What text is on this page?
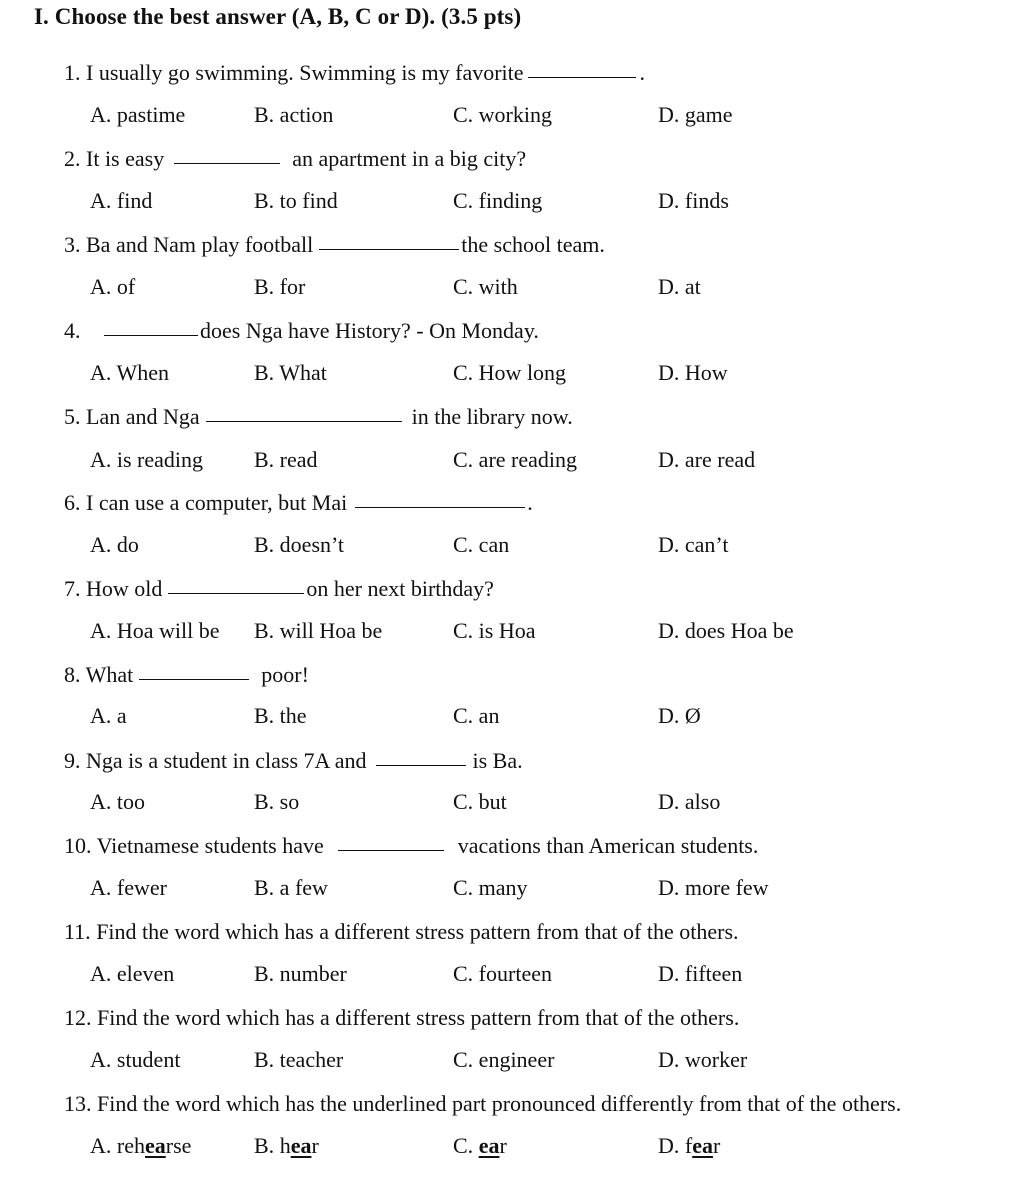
I. Choose the best answer (A, B, C or D). (3.5 pts)
1. I usually go swimming. Swimming is my favorite	.
A. pastime	B. action	C. working	D. game
2. It is easy	an apartment in a big city?
A. find	B. to find	C. finding	D. finds
3. Ba and Nam play football	the school team.
A. of	B. for	C. with	D. at
4.	does Nga have History? - On Monday.
A. When	B. What	C. How long	D. How
5. Lan and Nga	in the library now.
A. is reading B. read	C. are reading	D. are read
6. I can use a computer, but Mai	.
A. do	B. doesn’t	C. can	D. can’t
7. How old	on her next birthday?
A. Hoa will be B. will Hoa be	C. is Hoa	D. does Hoa be
8. What	poor!
A. a	B. the	C. an	D. Ø
9. Nga is a student in class 7A and	is Ba.
A. too	B. so	C. but	D. also
10. Vietnamese students have	vacations than American students.
A. fewer	B. a few	C. many	D. more few
11. Find the word which has a different stress pattern from that of the others.
A. eleven	B. number	C. fourteen	D. fifteen
12. Find the word which has a different stress pattern from that of the others.
A. student	B. teacher	C. engineer	D. worker
13. Find the word which has the underlined part pronounced differently from that of the others.
A. rehearse	B. hear	C. ear	D. fear
